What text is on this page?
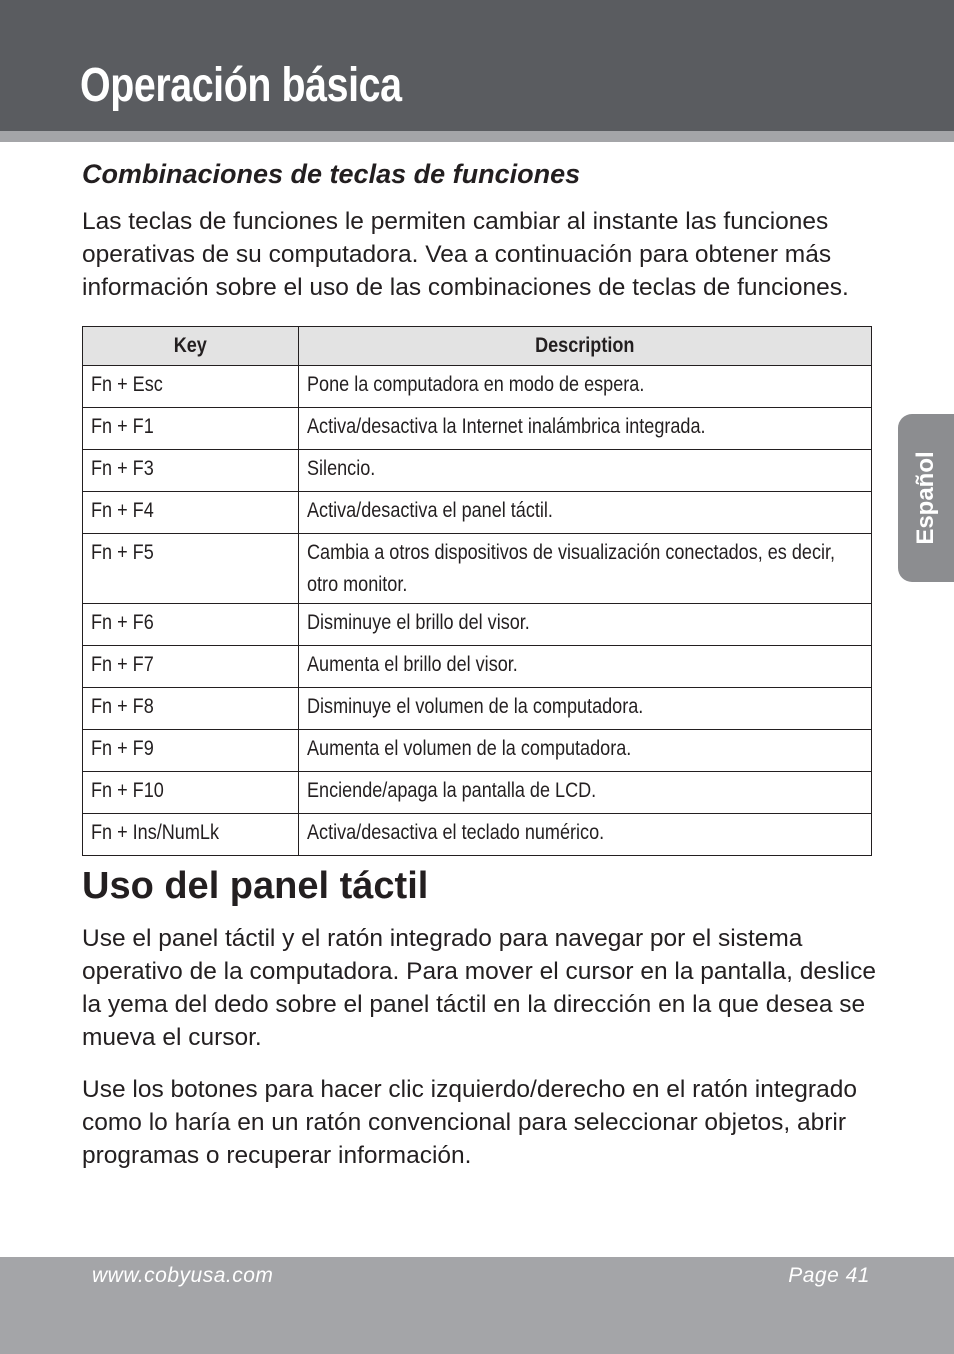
Operación básica
Combinaciones de teclas de funciones

Las teclas de funciones le permiten cambiar al instante las funciones operativas de su computadora. Vea a continuación para obtener más información sobre el uso de las combinaciones de teclas de funciones.

Key	Description
Fn + Esc	Pone la computadora en modo de espera.
Fn + F1	Activa/desactiva la Internet inalámbrica integrada.
Fn + F3	Silencio.
Fn + F4	Activa/desactiva el panel táctil.
Fn + F5	Cambia a otros dispositivos de visualización conectados, es decir, otro monitor.
Fn + F6	Disminuye el brillo del visor.
Fn + F7	Aumenta el brillo del visor.
Fn + F8	Disminuye el volumen de la computadora.
Fn + F9	Aumenta el volumen de la computadora.
Fn + F10	Enciende/apaga la pantalla de LCD.
Fn + Ins/NumLk	Activa/desactiva el teclado numérico.
Uso del panel táctil

Use el panel táctil y el ratón integrado para navegar por el sistema operativo de la computadora. Para mover el cursor en la pantalla, deslice la yema del dedo sobre el panel táctil en la dirección en la que desea se mueva el cursor.

Use los botones para hacer clic izquierdo/derecho en el ratón integrado como lo haría en un ratón convencional para seleccionar objetos, abrir programas o recuperar información.

Español
www.cobyusa.com	Page 41
